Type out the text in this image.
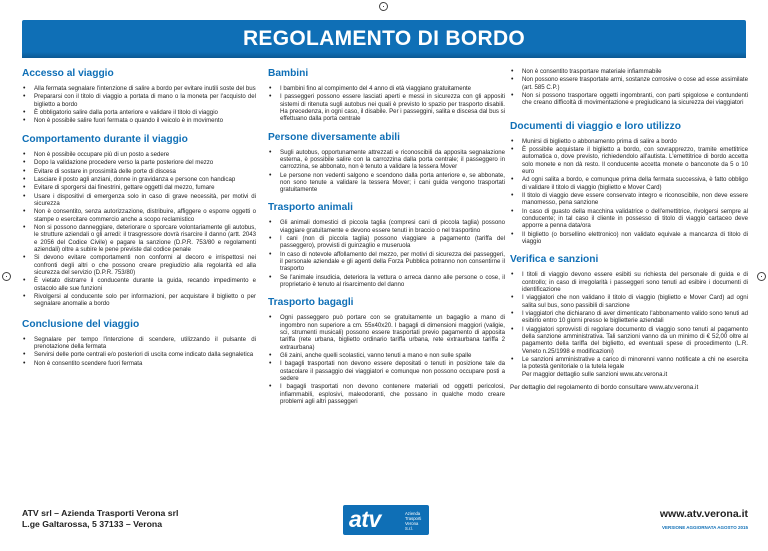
REGOLAMENTO DI BORDO
Accesso al viaggio
• Alla fermata segnalare l'intenzione di salire a bordo per evitare inutili soste del bus
• Prepararsi con il titolo di viaggio a portata di mano o la moneta per l'acquisto del biglietto a bordo
• È obbligatorio salire dalla porta anteriore e validare il titolo di viaggio
• Non è possibile salire fuori fermata o quando il veicolo è in movimento
Comportamento durante il viaggio
• Non è possibile occupare più di un posto a sedere
• Dopo la validazione procedere verso la parte posteriore del mezzo
• Evitare di sostare in prossimità delle porte di discesa
• Lasciare il posto agli anziani, donne in gravidanza e persone con handicap
• Evitare di sporgersi dai finestrini, gettare oggetti dal mezzo, fumare
• Usare i dispositivi di emergenza solo in caso di grave necessità, per motivi di sicurezza
• Non è consentito, senza autorizzazione, distribuire, affiggere o esporre oggetti o stampe o esercitare commercio anche a scopo reclamistico
• Non si possono danneggiare, deteriorare o sporcare volontariamente gli autobus, le strutture aziendali o gli arredi: il trasgressore dovrà risarcire il danno (artt. 2043 e 2056 del Codice Civile) e pagare la sanzione (D.P.R. 753/80 e regolamenti aziendali) oltre a subire le pene previste dal codice penale
• Si devono evitare comportamenti non conformi al decoro e irrispettosi nei confronti degli altri o che possono creare pregiudizio alla regolarità ed alla sicurezza del servizio (D.P.R. 753/80)
• È vietato distrarre il conducente durante la guida, recando impedimento e ostacolo alle sue funzioni
• Rivolgersi al conducente solo per informazioni, per acquistare il biglietto o per segnalare anomalie a bordo
Conclusione del viaggio
• Segnalare per tempo l'intenzione di scendere, utilizzando il pulsante di prenotazione della fermata
• Servirsi delle porte centrali e/o posteriori di uscita come indicato dalla segnaletica
• Non è consentito scendere fuori fermata
Bambini
• I bambini fino al compimento del 4 anno di età viaggiano gratuitamente
• I passeggeri possono essere lasciati aperti e messi in sicurezza con gli appositi sistemi di ritenuta sugli autobus nei quali è previsto lo spazio per trasporto disabili. Ha precedenza, in ogni caso, il disabile. Per i passeggini, salita e discesa dal bus si effettuano dalla porta centrale
Persone diversamente abili
• Sugli autobus, opportunamente attrezzati e riconoscibili da apposita segnalazione esterna, è possibile salire con la carrozzina dalla porta centrale; il passeggero in carrozzina, se abbonato, non è tenuto a validare la tessera Mover
• Le persone non vedenti salgono e scendono dalla porta anteriore e, se abbonate, non sono tenute a validare la tessera Mover; i cani guida vengono trasportati gratuitamente
Trasporto animali
• Gli animali domestici di piccola taglia (compresi cani di piccola taglia) possono viaggiare gratuitamente e devono essere tenuti in braccio o nel trasportino
• I cani (non di piccola taglia) possono viaggiare a pagamento (tariffa del passeggero), provvisti di guinzaglio e museruola
• In caso di notevole affollamento del mezzo, per motivi di sicurezza dei passeggeri, il personale aziendale e gli agenti della Forza Pubblica potranno non consentirne il trasporto
• Se l'animale insudicia, deteriora la vettura o arreca danno alle persone o cose, il proprietario è tenuto al risarcimento del danno
Trasporto bagagli
• Ogni passeggero può portare con se gratuitamente un bagaglio a mano di ingombro non superiore a cm. 55x40x20. I bagagli di dimensioni maggiori (valigie, sci, strumenti musicali) possono essere trasportati previo pagamento di apposita tariffa (rete urbana, biglietto ordinario tariffa urbana, rete extraurbana tariffa 2 extraurbana)
• Gli zaini, anche quelli scolastici, vanno tenuti a mano e non sulle spalle
• I bagagli trasportati non devono essere depositati o tenuti in posizione tale da ostacolare il passaggio dei viaggiatori e comunque non possono occupare posti a sedere
• I bagagli trasportati non devono contenere materiali od oggetti pericolosi, infiammabili, esplosivi, maleodoranti, che possano in qualche modo creare problemi agli altri passeggeri
• Non è consentito trasportare materiale infiammabile
• Non possono essere trasportate armi, sostanze corrosive o cose ad esse assimilate (art. 585 C.P.)
• Non si possono trasportare oggetti ingombranti, con parti spigolose e contundenti che creano difficoltà di movimentazione e pregiudicano la sicurezza dei viaggiatori
Documenti di viaggio e loro utilizzo
• Munirsi di biglietto o abbonamento prima di salire a bordo
• È possibile acquistare il biglietto a bordo, con sovrapprezzo, tramite emettitrice automatica o, dove previsto, richiedendolo all'autista. L'emettitrice di bordo accetta solo monete e non dà resto. Il conducente accetta monete o banconote da 5 o 10 euro
• Ad ogni salita a bordo, e comunque prima della fermata successiva, è fatto obbligo di validare il titolo di viaggio (biglietto e Mover Card)
• Il titolo di viaggio deve essere conservato integro e riconoscibile, non deve essere manomesso, pena sanzione
• In caso di guasto della macchina validatrice o dell'emettitrice, rivolgersi sempre al conducente; in tal caso il cliente in possesso di titolo di viaggio cartaceo deve apporre a penna data/ora
• Il biglietto (o borsellino elettronico) non validato equivale a mancanza di titolo di viaggio
Verifica e sanzioni
• I titoli di viaggio devono essere esibiti su richiesta del personale di guida e di controllo; in caso di irregolarità i passeggeri sono tenuti ad esibire i documenti di identificazione
• I viaggiatori che non validano il titolo di viaggio (biglietto e Mover Card) ad ogni salita sul bus, sono passibili di sanzione
• I viaggiatori che dichiarano di aver dimenticato l'abbonamento valido sono tenuti ad esibirlo entro 10 giorni presso le biglietterie aziendali
• I viaggiatori sprovvisti di regolare documento di viaggio sono tenuti al pagamento della sanzione amministrativa. Tali sanzioni vanno da un minimo di € 52,00 oltre al pagamento della tariffa del biglietto, ed eventuali spese di procedimento (L.R. Veneto n.25/1998 e modificazioni)
• Le sanzioni amministrative a carico di minorenni vanno notificate a chi ne esercita la potestà genitoriale o la tutela legale
Per maggior dettaglio sulle sanzioni www.atv.verona.it

Per dettaglio del regolamento di bordo consultare www.atv.verona.it

ATV srl – Azienda Trasporti Verona srl
L.ge Galtarossa, 5 37133 – Verona	atv	Azienda Trasporti Verona S.r.l.
www.atv.verona.it
VERSIONE AGGIORNATA AGOSTO 2015
